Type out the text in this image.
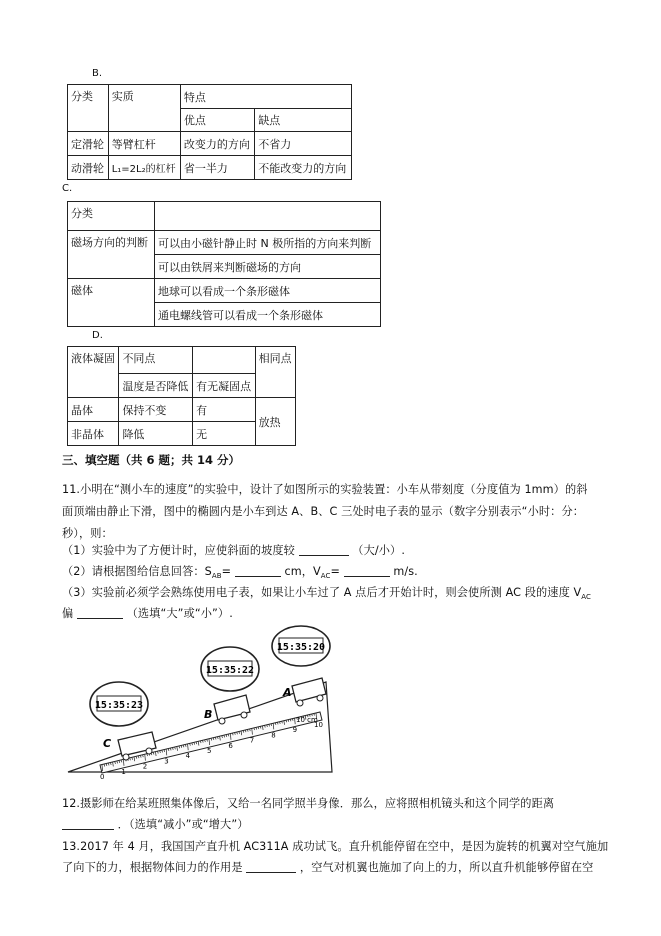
B.
分类	实质	特点	
		优点	缺点
定滑轮	等臂杠杆	改变力的方向	不省力
动滑轮	L₁=2L₂的杠杆	省一半力	不能改变力的方向
C.
分类	
磁场方向的判断	可以由小磁针静止时 N 极所指的方向来判断
	可以由铁屑来判断磁场的方向
磁体	地球可以看成一个条形磁体
	通电螺线管可以看成一个条形磁体
D.
液体凝固	不同点		相同点
	温度是否降低	有无凝固点	
晶体	保持不变	有	放热
非晶体	降低	无	
三、填空题（共 6 题；共 14 分）
11.小明在“测小车的速度”的实验中，设计了如图所示的实验装置：小车从带刻度（分度值为 1mm）的斜
面顶端由静止下滑，图中的椭圆内是小车到达 A、B、C 三处时电子表的显示（数字分别表示“小时：分：
秒），则：
（1）实验中为了方便计时，应使斜面的坡度较	（大/小）.
（2）请根据图给信息回答：$S_{AB}=$	cm，$V_{AC}=$	m/s.
（3）实验前必须学会熟练使用电子表，如果让小车过了 A 点后才开始计时，则会使所测 AC 段的速度 $V_{AC}$
偏	（选填“大”或“小”）.
15:35:23
15:35:22
15:35:20
C
B
A
10 cm
0
1
2
3
4
5
6
7
8
9
10
12.摄影师在给某班照集体像后，又给一名同学照半身像．那么，应将照相机镜头和这个同学的距离
．（选填“减小”或“增大”）
13.2017 年 4 月，我国国产直升机 AC311A 成功试飞。直升机能停留在空中，是因为旋转的机翼对空气施加
了向下的力，根据物体间力的作用是	，空气对机翼也施加了向上的力，所以直升机能够停留在空
